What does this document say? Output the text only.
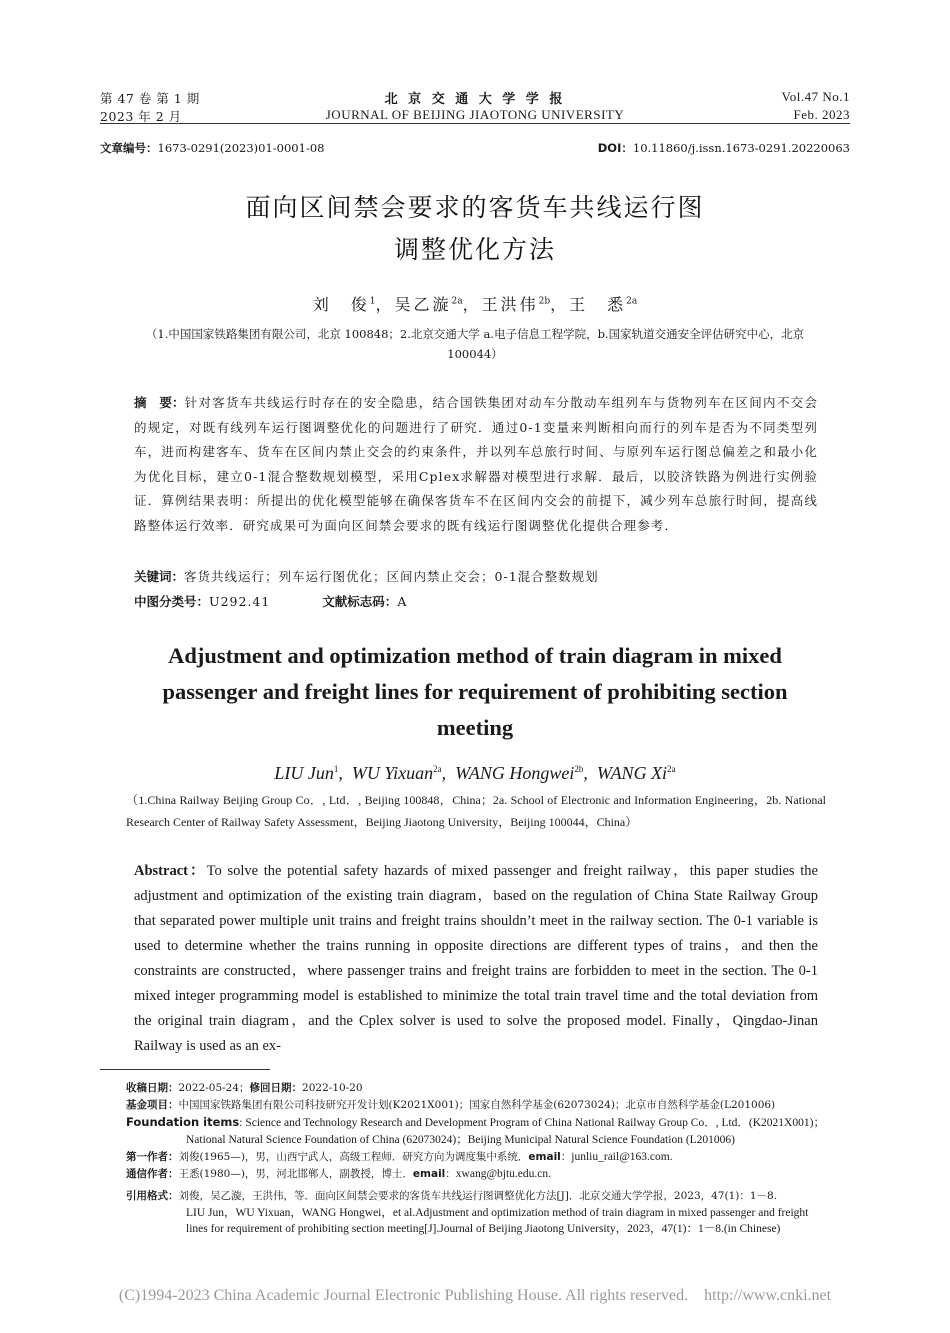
第 47 卷 第 1 期
2023 年 2 月
北 京 交 通 大 学 学 报
JOURNAL OF BEIJING JIAOTONG UNIVERSITY
Vol.47 No.1
Feb. 2023
文章编号：1673-0291(2023)01-0001-08	DOI：10.11860/j.issn.1673-0291.20220063
面向区间禁会要求的客货车共线运行图
调整优化方法
刘　俊$^1$，吴乙漩$^{2a}$，王洪伟$^{2b}$，王　悉$^{2a}$
（1.中国国家铁路集团有限公司，北京 100848；2.北京交通大学 a.电子信息工程学院，b.国家轨道交通安全评估研究中心，北京 100044）
摘　要：针对客货车共线运行时存在的安全隐患，结合国铁集团对动车分散动车组列车与货物列车在区间内不交会的规定，对既有线列车运行图调整优化的问题进行了研究．通过0-1变量来判断相向而行的列车是否为不同类型列车，进而构建客车、货车在区间内禁止交会的约束条件，并以列车总旅行时间、与原列车运行图总偏差之和最小化为优化目标，建立0-1混合整数规划模型，采用Cplex求解器对模型进行求解．最后，以胶济铁路为例进行实例验证．算例结果表明：所提出的优化模型能够在确保客货车不在区间内交会的前提下，减少列车总旅行时间，提高线路整体运行效率．研究成果可为面向区间禁会要求的既有线运行图调整优化提供合理参考．
关键词：客货共线运行；列车运行图优化；区间内禁止交会；0-1混合整数规划
中图分类号：U292.41	文献标志码：A
Adjustment and optimization method of train diagram in mixed
passenger and freight lines for requirement of prohibiting section
meeting
LIU Jun$^1$,  WU Yixuan$^{2a}$,  WANG Hongwei$^{2b}$,  WANG $Xi^{2a}$
（1.China Railway Beijing Group Co．, Ltd．, Beijing 100848，China；2a. School of Electronic and Information Engineering，2b. National Research Center of Railway Safety Assessment，Beijing Jiaotong University，Beijing 100044，China）
Abstract：To solve the potential safety hazards of mixed passenger and freight railway，this paper studies the adjustment and optimization of the existing train diagram，based on the regulation of China State Railway Group that separated power multiple unit trains and freight trains shouldn’t meet in the railway section. The 0-1 variable is used to determine whether the trains running in opposite directions are different types of trains，and then the constraints are constructed，where passenger trains and freight trains are forbidden to meet in the section. The 0-1 mixed integer programming model is established to minimize the total train travel time and the total deviation from the original train diagram，and the Cplex solver is used to solve the proposed model. Finally，Qingdao-Jinan Railway is used as an ex-
收稿日期：2022-05-24；修回日期：2022-10-20
基金项目：中国国家铁路集团有限公司科技研究开发计划(K2021X001)；国家自然科学基金(62073024)；北京市自然科学基金(L201006)
Foundation items: Science and Technology Research and Development Program of China National Railway Group Co．, Ltd．(K2021X001)；
National Natural Science Foundation of China (62073024)；Beijing Municipal Natural Science Foundation (L201006)
第一作者：刘俊(1965—)，男，山西宁武人，高级工程师．研究方向为调度集中系统．email：junliu_rail@163.com.
通信作者：王悉(1980—)，男，河北邯郸人，副教授，博士．email：xwang@bjtu.edu.cn.
引用格式：刘俊，吴乙漩，王洪伟，等．面向区间禁会要求的客货车共线运行图调整优化方法[J]．北京交通大学学报，2023，47(1)：1－8.
LIU Jun，WU Yixuan，WANG Hongwei，et al.Adjustment and optimization method of train diagram in mixed passenger and freight
lines for requirement of prohibiting section meeting[J].Journal of Beijing Jiaotong University，2023，47(1)：1－8.(in Chinese)
(C)1994-2023 China Academic Journal Electronic Publishing House. All rights reserved.    http://www.cnki.net
